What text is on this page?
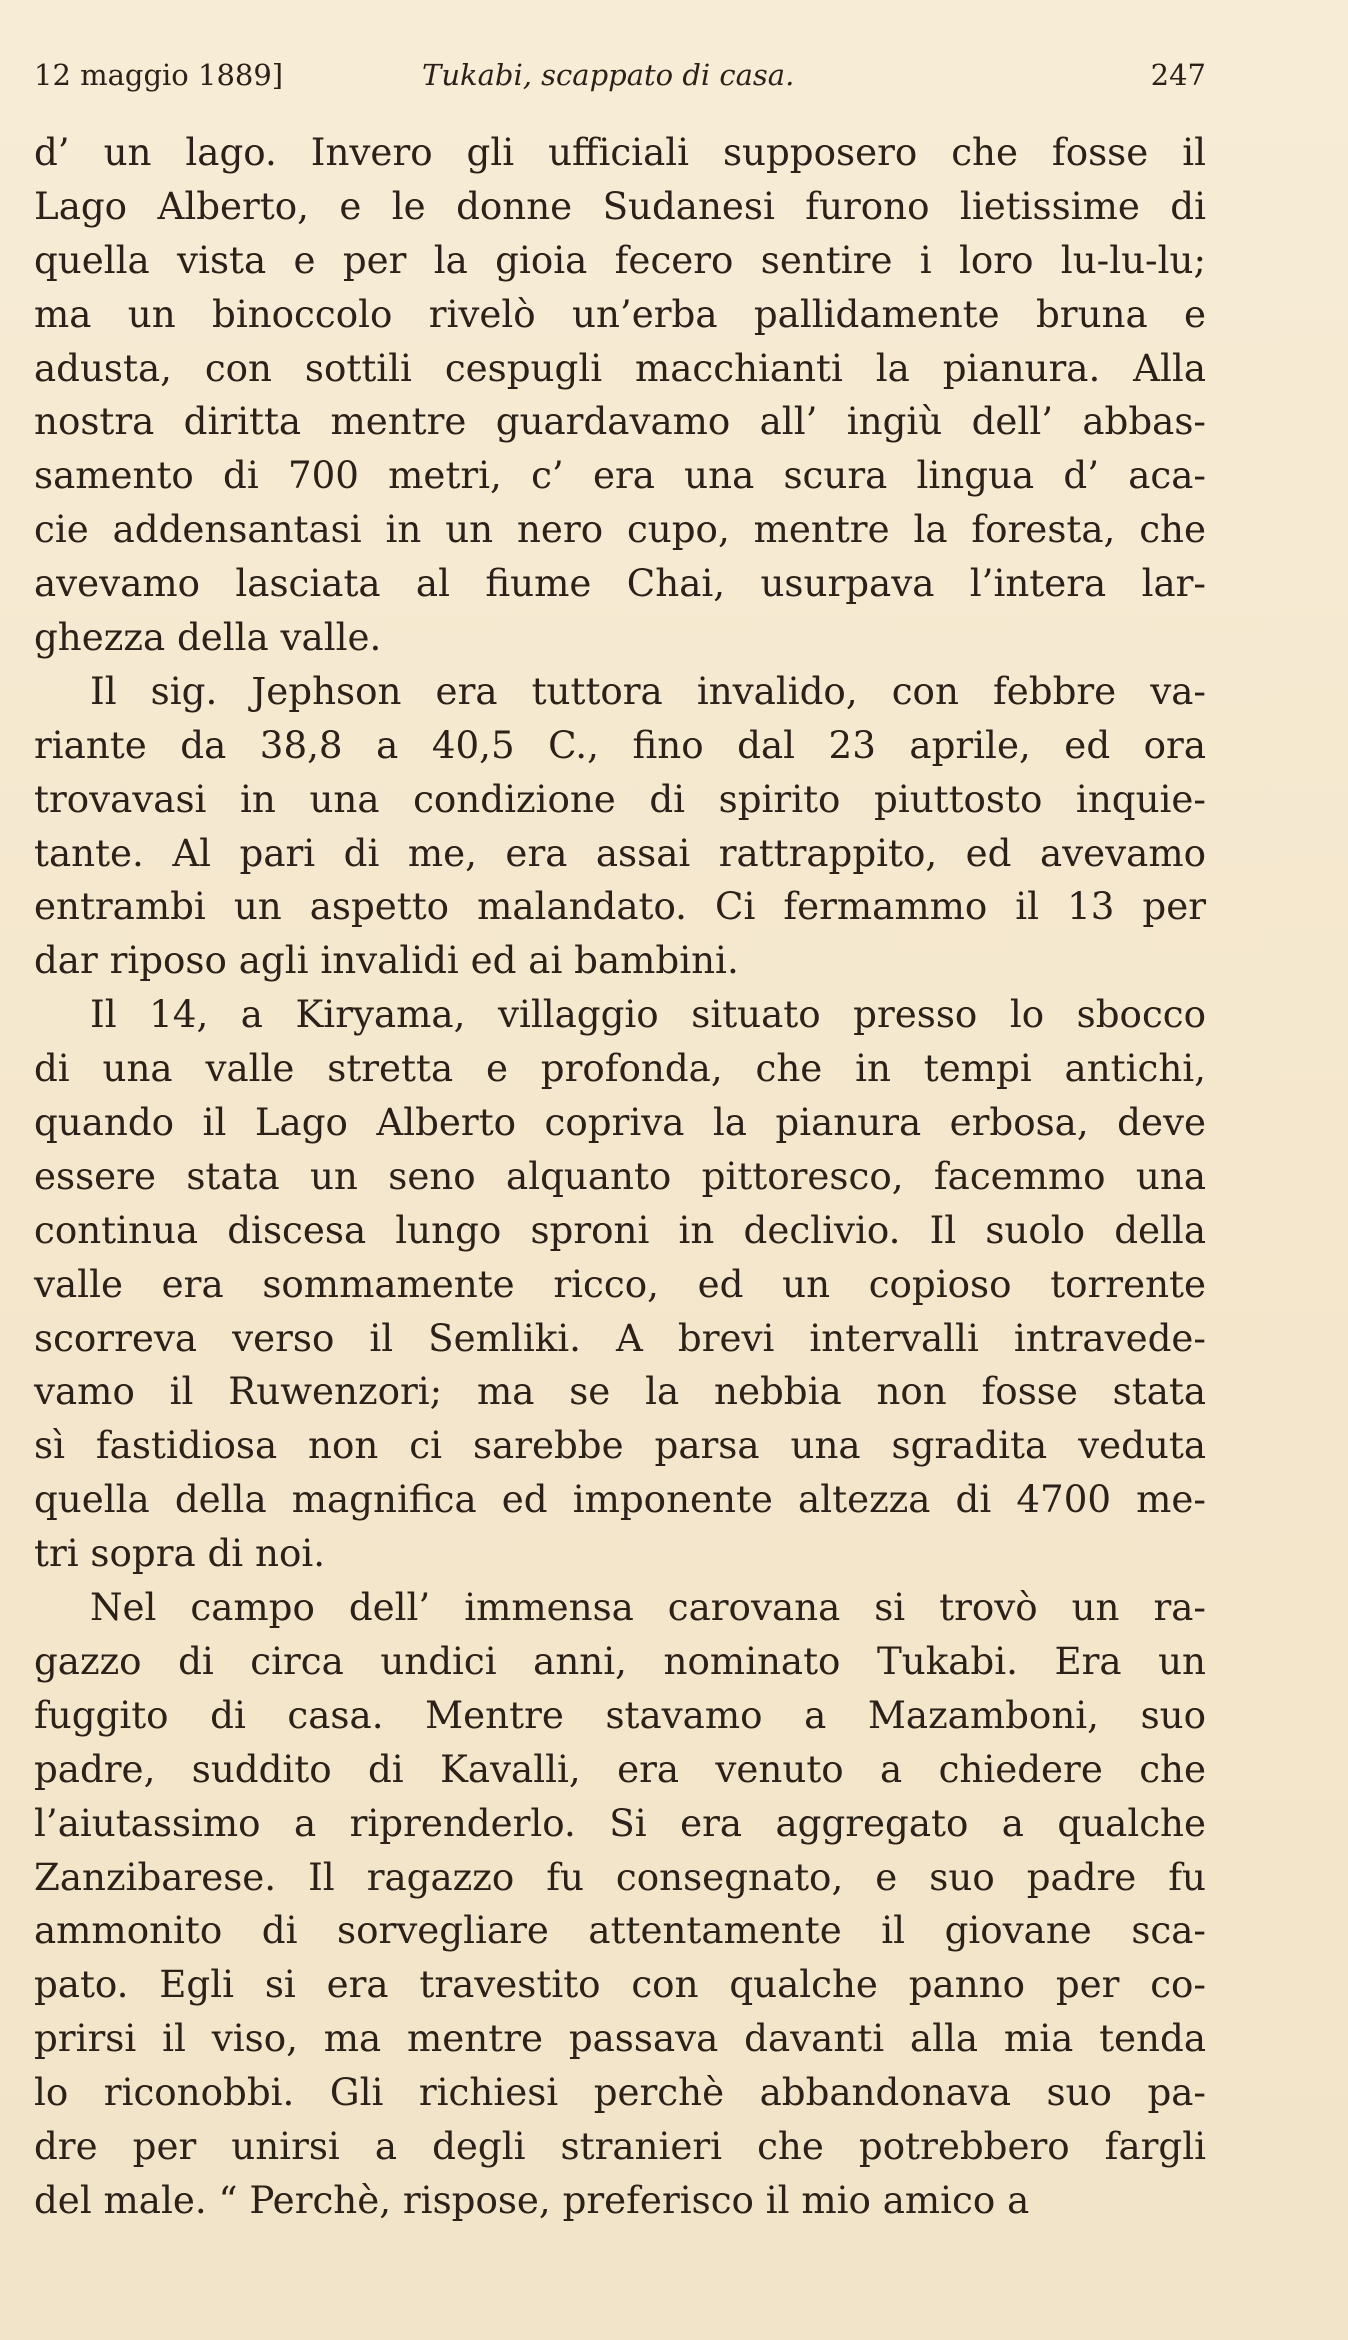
12 maggio 1889]	Tukabi, scappato di casa.	247
d’ un lago. Invero gli ufficiali supposero che fosse il
Lago Alberto, e le donne Sudanesi furono lietissime di
quella vista e per la gioia fecero sentire i loro lu-lu-lu;
ma un binoccolo rivelò un’erba pallidamente bruna e
adusta, con sottili cespugli macchianti la pianura. Alla
nostra diritta mentre guardavamo all’ ingiù dell’ abbas-
samento di 700 metri, c’ era una scura lingua d’ aca-
cie addensantasi in un nero cupo, mentre la foresta, che
avevamo lasciata al fiume Chai, usurpava l’intera lar-
ghezza della valle.
Il sig. Jephson era tuttora invalido, con febbre va-
riante da 38,8 a 40,5 C., fino dal 23 aprile, ed ora
trovavasi in una condizione di spirito piuttosto inquie-
tante. Al pari di me, era assai rattrappito, ed avevamo
entrambi un aspetto malandato. Ci fermammo il 13 per
dar riposo agli invalidi ed ai bambini.
Il 14, a Kiryama, villaggio situato presso lo sbocco
di una valle stretta e profonda, che in tempi antichi,
quando il Lago Alberto copriva la pianura erbosa, deve
essere stata un seno alquanto pittoresco, facemmo una
continua discesa lungo sproni in declivio. Il suolo della
valle era sommamente ricco, ed un copioso torrente
scorreva verso il Semliki. A brevi intervalli intravede-
vamo il Ruwenzori; ma se la nebbia non fosse stata
sì fastidiosa non ci sarebbe parsa una sgradita veduta
quella della magnifica ed imponente altezza di 4700 me-
tri sopra di noi.
Nel campo dell’ immensa carovana si trovò un ra-
gazzo di circa undici anni, nominato Tukabi. Era un
fuggito di casa. Mentre stavamo a Mazamboni, suo
padre, suddito di Kavalli, era venuto a chiedere che
l’aiutassimo a riprenderlo. Si era aggregato a qualche
Zanzibarese. Il ragazzo fu consegnato, e suo padre fu
ammonito di sorvegliare attentamente il giovane sca-
pato. Egli si era travestito con qualche panno per co-
prirsi il viso, ma mentre passava davanti alla mia tenda
lo riconobbi. Gli richiesi perchè abbandonava suo pa-
dre per unirsi a degli stranieri che potrebbero fargli
del male. “ Perchè, rispose, preferisco il mio amico a
